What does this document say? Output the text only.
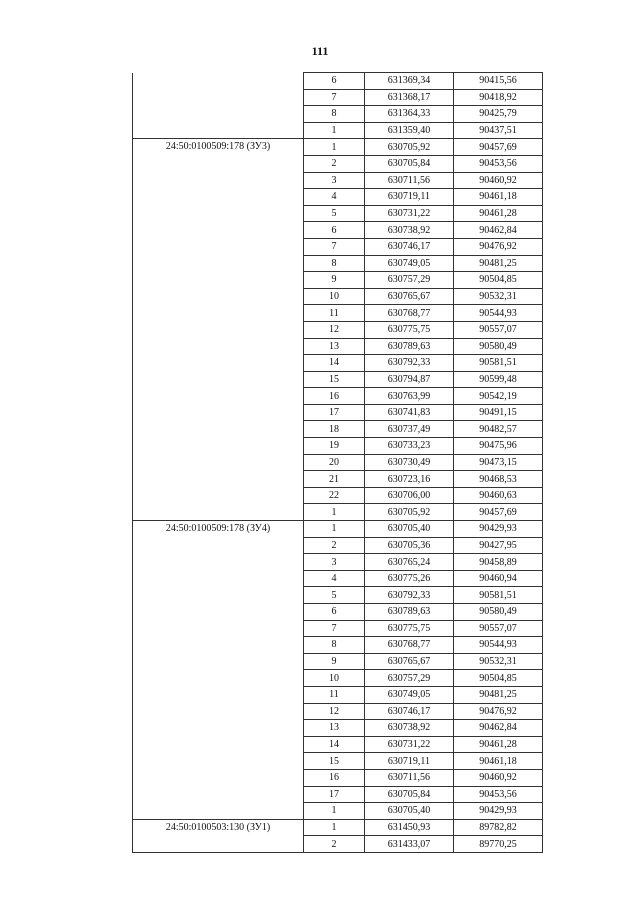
111
	6	631369,34	90415,56
	7	631368,17	90418,92
	8	631364,33	90425,79
	1	631359,40	90437,51
24:50:0100509:178 (ЗУ3)	1	630705,92	90457,69
	2	630705,84	90453,56
	3	630711,56	90460,92
	4	630719,11	90461,18
	5	630731,22	90461,28
	6	630738,92	90462,84
	7	630746,17	90476,92
	8	630749,05	90481,25
	9	630757,29	90504,85
	10	630765,67	90532,31
	11	630768,77	90544,93
	12	630775,75	90557,07
	13	630789,63	90580,49
	14	630792,33	90581,51
	15	630794,87	90599,48
	16	630763,99	90542,19
	17	630741,83	90491,15
	18	630737,49	90482,57
	19	630733,23	90475,96
	20	630730,49	90473,15
	21	630723,16	90468,53
	22	630706,00	90460,63
	1	630705,92	90457,69
24:50:0100509:178 (ЗУ4)	1	630705,40	90429,93
	2	630705,36	90427,95
	3	630765,24	90458,89
	4	630775,26	90460,94
	5	630792,33	90581,51
	6	630789,63	90580,49
	7	630775,75	90557,07
	8	630768,77	90544,93
	9	630765,67	90532,31
	10	630757,29	90504,85
	11	630749,05	90481,25
	12	630746,17	90476,92
	13	630738,92	90462,84
	14	630731,22	90461,28
	15	630719,11	90461,18
	16	630711,56	90460,92
	17	630705,84	90453,56
	1	630705,40	90429,93
24:50:0100503:130 (ЗУ1)	1	631450,93	89782,82
	2	631433,07	89770,25
